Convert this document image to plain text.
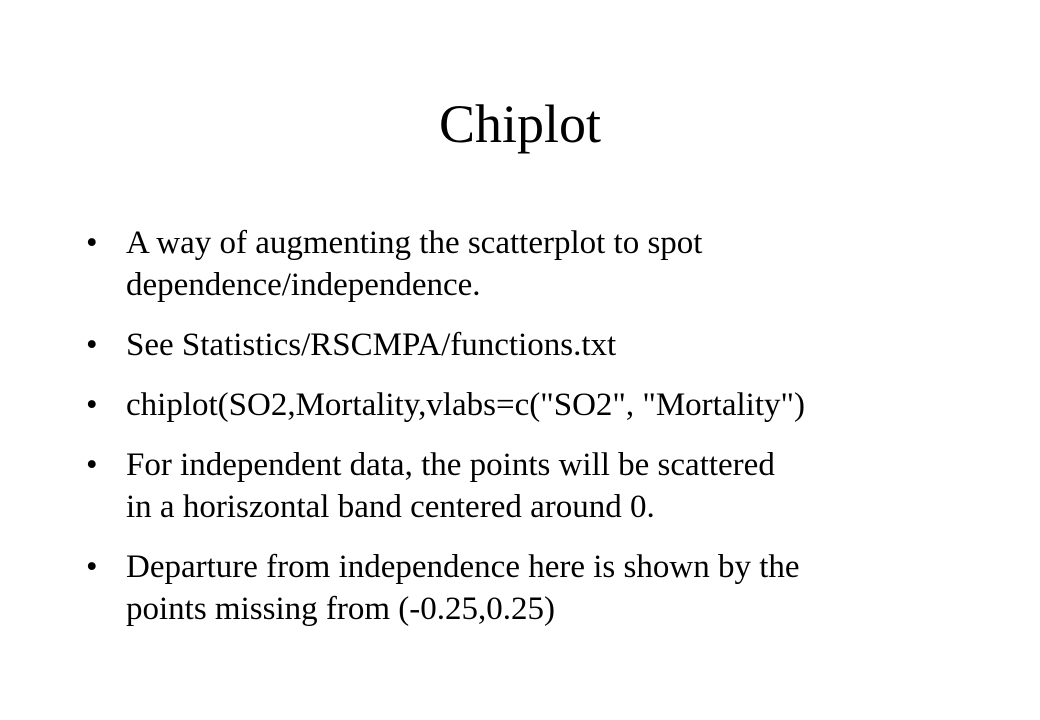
Chiplot
• A way of augmenting the scatterplot to spot
dependence/independence.
• See Statistics/RSCMPA/functions.txt
• chiplot(SO2,Mortality,vlabs=c("SO2", "Mortality")
• For independent data, the points will be scattered
in a horiszontal band centered around 0.
• Departure from independence here is shown by the
points missing from (-0.25,0.25)
